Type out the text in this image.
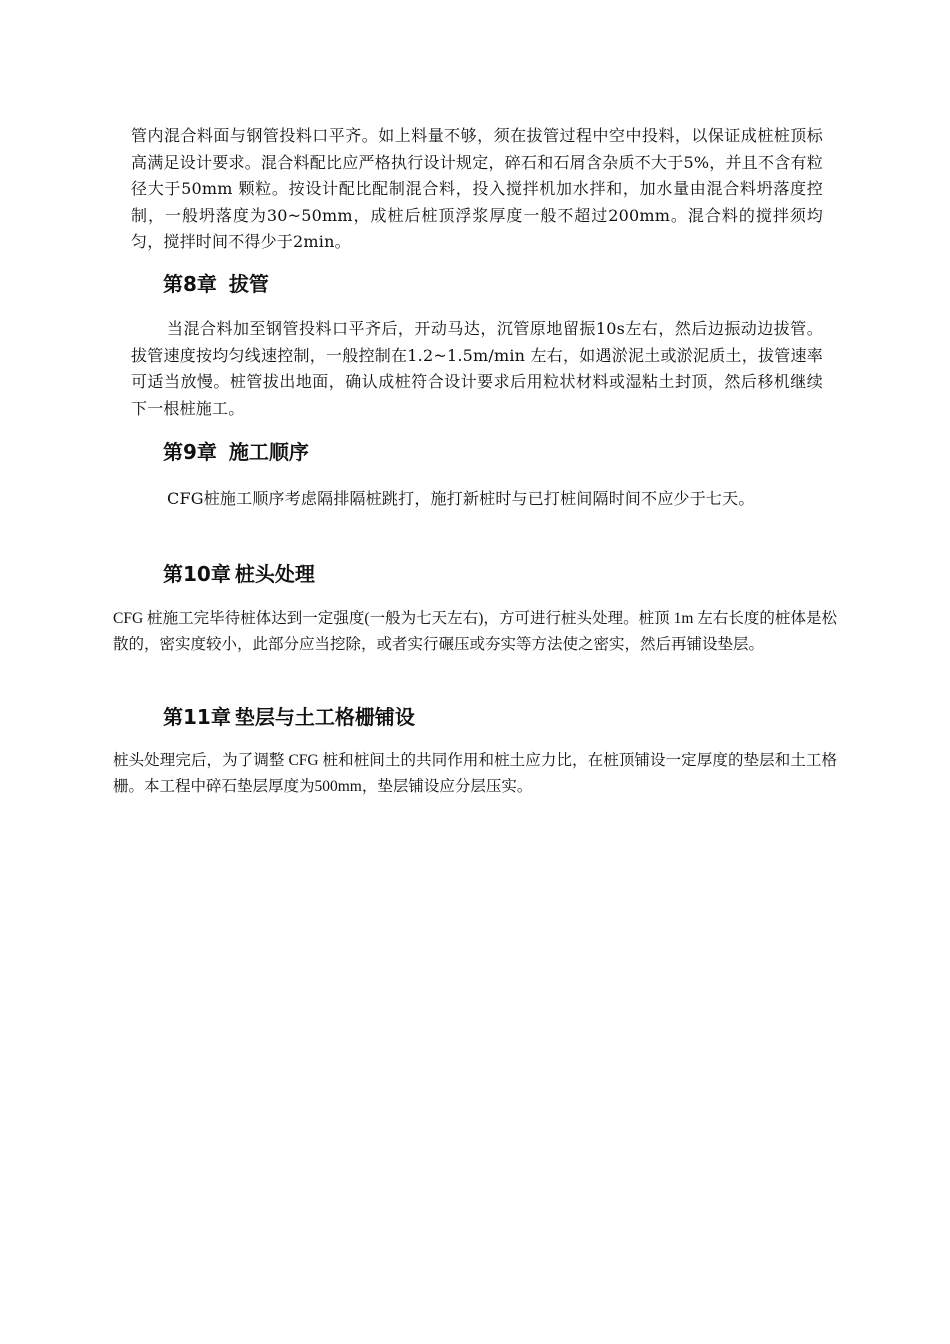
管内混合料面与钢管投料口平齐。如上料量不够，须在拔管过程中空中投料，以保证成桩桩顶标高满足设计要求。混合料配比应严格执行设计规定，碎石和石屑含杂质不大于5%，并且不含有粒径大于50mm 颗粒。按设计配比配制混合料，投入搅拌机加水拌和，加水量由混合料坍落度控制，一般坍落度为30~50mm，成桩后桩顶浮浆厚度一般不超过200mm。混合料的搅拌须均匀，搅拌时间不得少于2min。

第8章 拔管

当混合料加至钢管投料口平齐后，开动马达，沉管原地留振10s左右，然后边振动边拔管。拔管速度按均匀线速控制，一般控制在1.2~1.5m/min 左右，如遇淤泥土或淤泥质土，拔管速率可适当放慢。桩管拔出地面，确认成桩符合设计要求后用粒状材料或湿粘土封顶，然后移机继续下一根桩施工。

第9章 施工顺序

CFG桩施工顺序考虑隔排隔桩跳打，施打新桩时与已打桩间隔时间不应少于七天。

第10章 桩头处理

CFG 桩施工完毕待桩体达到一定强度(一般为七天左右)，方可进行桩头处理。桩顶 1m 左右长度的桩体是松散的，密实度较小，此部分应当挖除，或者实行碾压或夯实等方法使之密实，然后再铺设垫层。

第11章 垫层与土工格栅铺设

桩头处理完后，为了调整 CFG 桩和桩间土的共同作用和桩土应力比，在桩顶铺设一定厚度的垫层和土工格栅。本工程中碎石垫层厚度为500mm，垫层铺设应分层压实。
